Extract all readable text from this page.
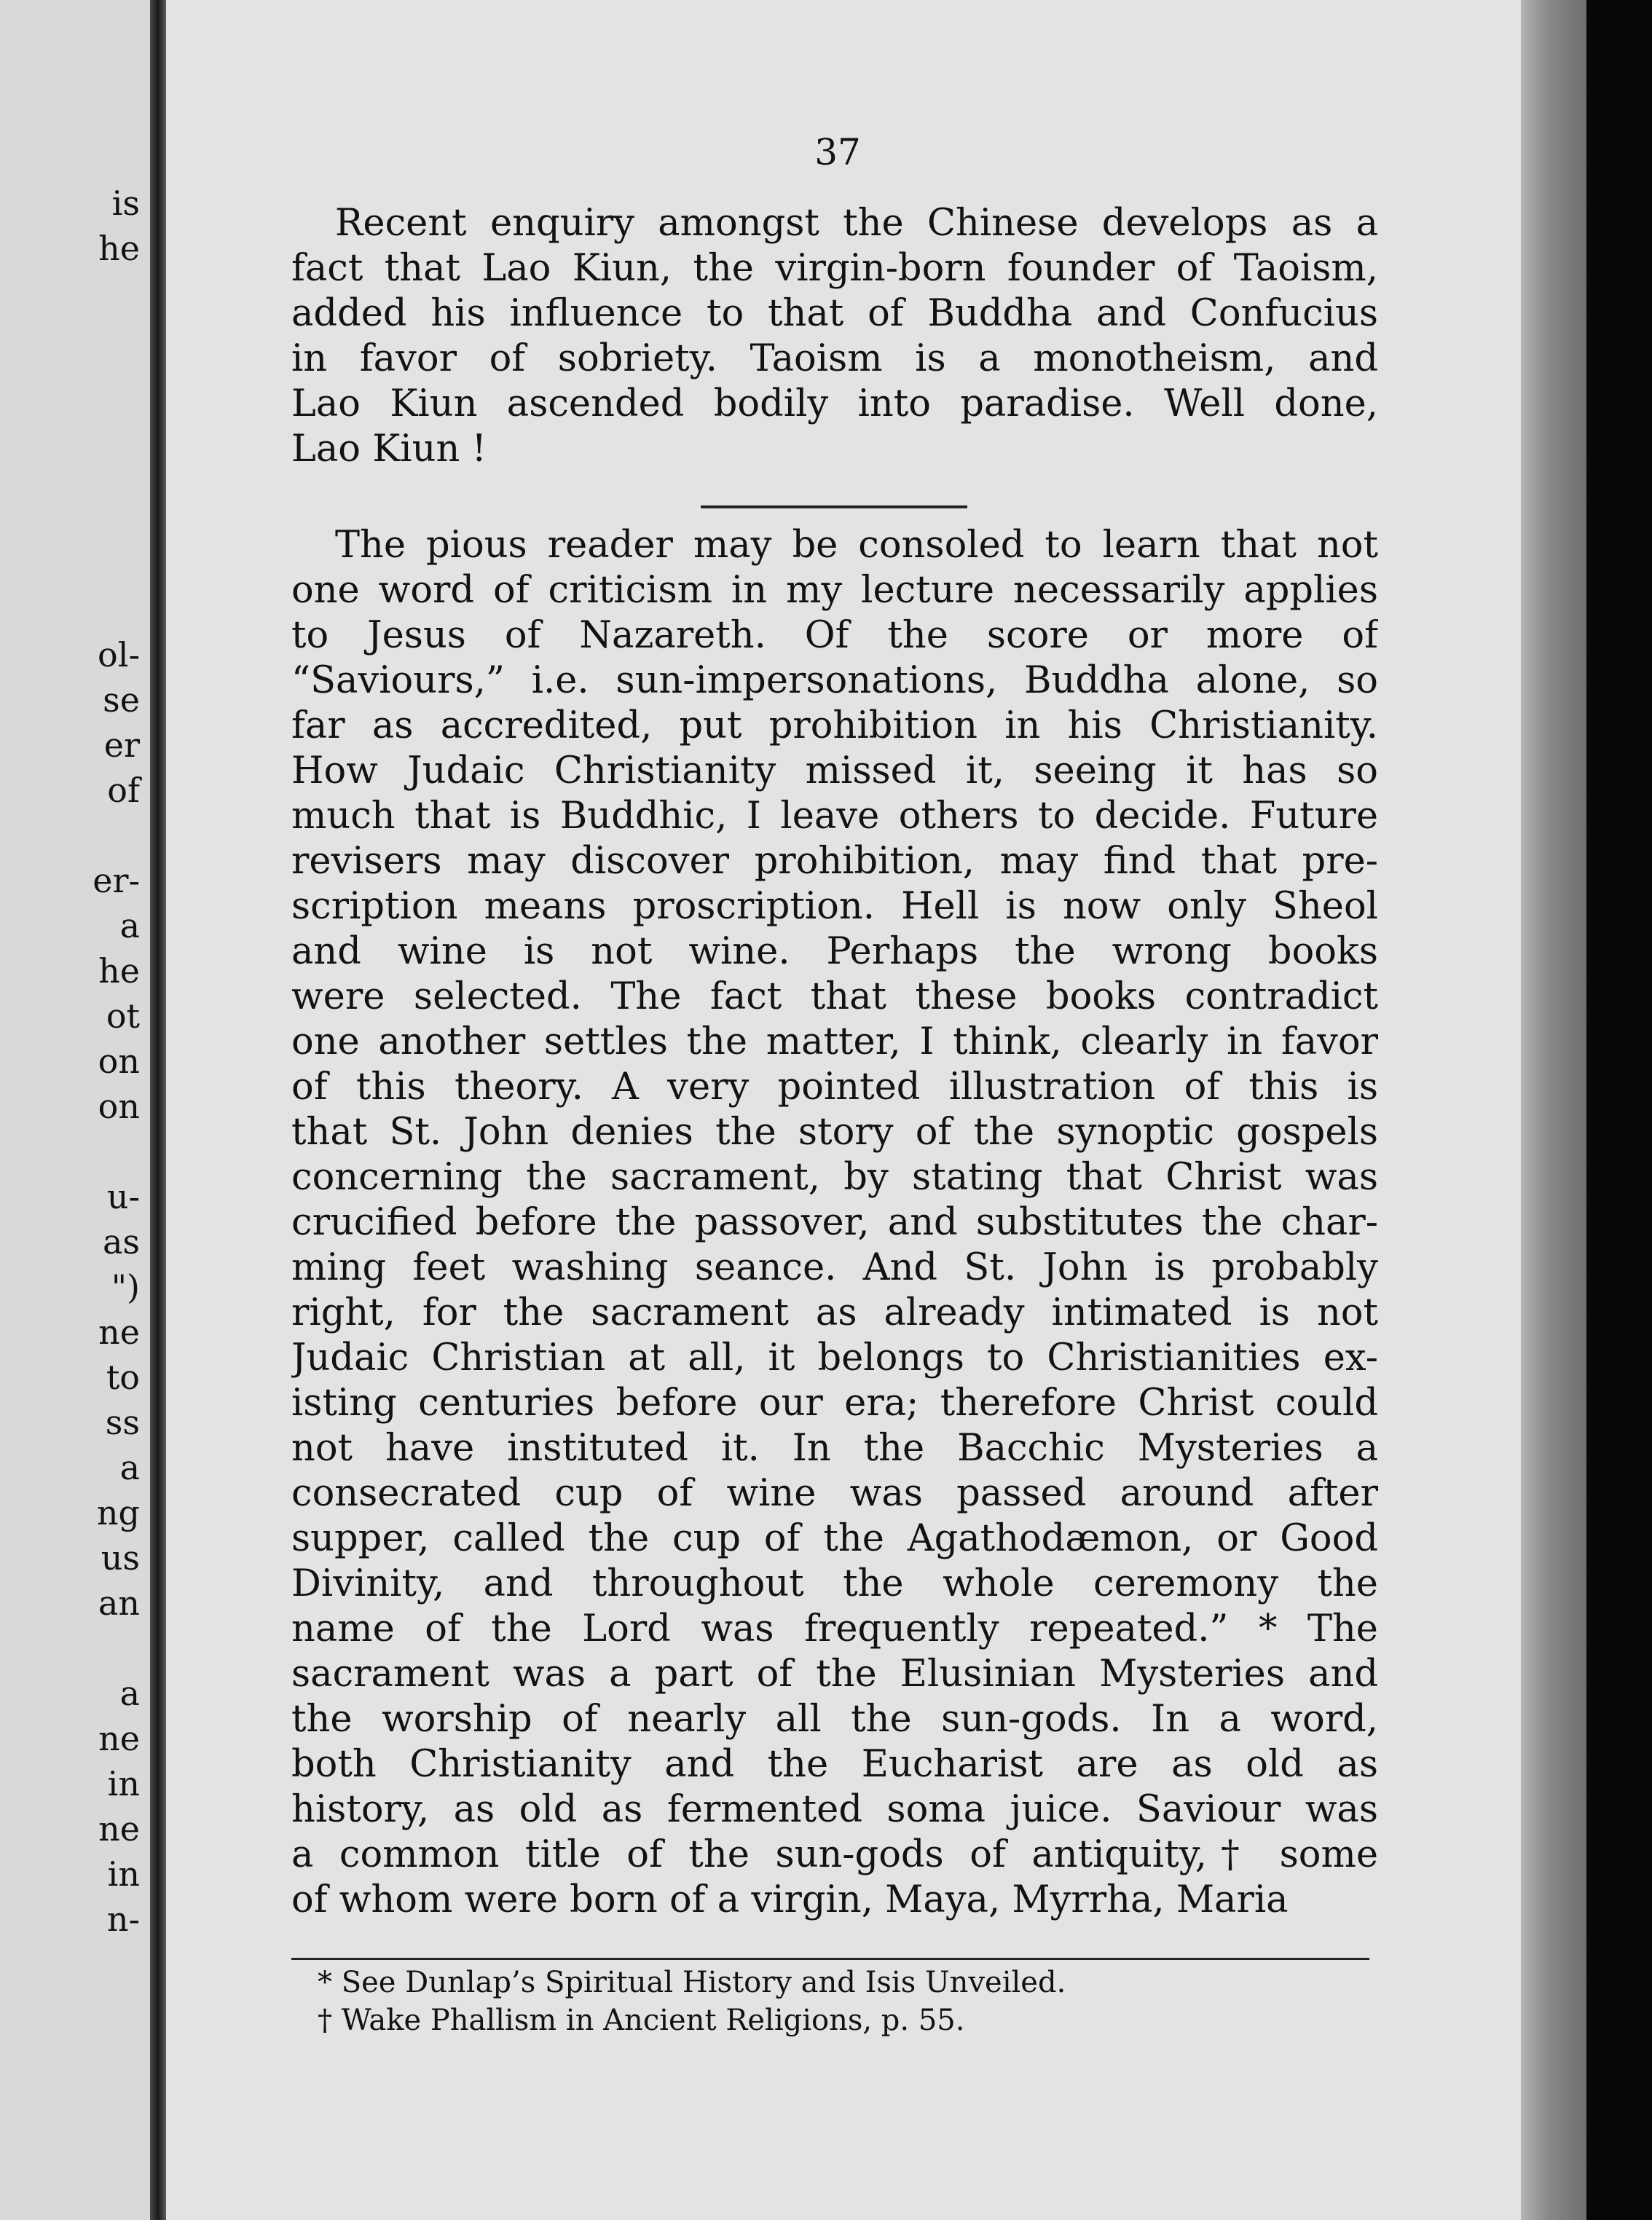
is
he
ol-
se
er
of
er-
a
he
ot
on
on
u-
as
")
ne
to
ss
a
ng
us
an
a
ne
in
ne
in
n-
37
Recent enquiry amongst the Chinese develops as a
fact that Lao Kiun, the virgin-born founder of Taoism,
added his influence to that of Buddha and Confucius
in favor of sobriety. Taoism is a monotheism, and
Lao Kiun ascended bodily into paradise. Well done,
Lao Kiun !
The pious reader may be consoled to learn that not
one word of criticism in my lecture necessarily applies
to Jesus of Nazareth. Of the score or more of
“Saviours,” i.e. sun-impersonations, Buddha alone, so
far as accredited, put prohibition in his Christianity.
How Judaic Christianity missed it, seeing it has so
much that is Buddhic, I leave others to decide. Future
revisers may discover prohibition, may find that pre-
scription means proscription. Hell is now only Sheol
and wine is not wine. Perhaps the wrong books
were selected. The fact that these books contradict
one another settles the matter, I think, clearly in favor
of this theory. A very pointed illustration of this is
that St. John denies the story of the synoptic gospels
concerning the sacrament, by stating that Christ was
crucified before the passover, and substitutes the char-
ming feet washing seance. And St. John is probably
right, for the sacrament as already intimated is not
Judaic Christian at all, it belongs to Christianities ex-
isting centuries before our era; therefore Christ could
not have instituted it. In the Bacchic Mysteries a
consecrated cup of wine was passed around after
supper, called the cup of the Agathodæmon, or Good
Divinity, and throughout the whole ceremony the
name of the Lord was frequently repeated.” * The
sacrament was a part of the Elusinian Mysteries and
the worship of nearly all the sun-gods. In a word,
both Christianity and the Eucharist are as old as
history, as old as fermented soma juice. Saviour was
a common title of the sun-gods of antiquity,† some
of whom were born of a virgin, Maya, Myrrha, Maria
* See Dunlap’s Spiritual History and Isis Unveiled.
† Wake Phallism in Ancient Religions, p. 55.
